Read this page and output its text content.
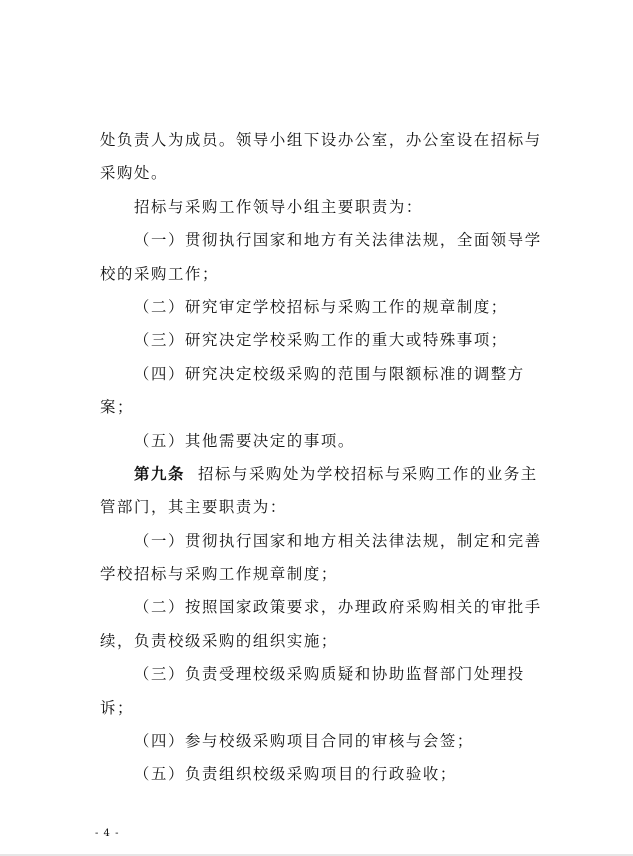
处负责人为成员。领导小组下设办公室，办公室设在招标与
采购处。
招标与采购工作领导小组主要职责为：
（一）贯彻执行国家和地方有关法律法规，全面领导学
校的采购工作；
（二）研究审定学校招标与采购工作的规章制度；
（三）研究决定学校采购工作的重大或特殊事项；
（四）研究决定校级采购的范围与限额标准的调整方
案；
（五）其他需要决定的事项。
第九条 招标与采购处为学校招标与采购工作的业务主
管部门，其主要职责为：
（一）贯彻执行国家和地方相关法律法规，制定和完善
学校招标与采购工作规章制度；
（二）按照国家政策要求，办理政府采购相关的审批手
续，负责校级采购的组织实施；
（三）负责受理校级采购质疑和协助监督部门处理投
诉；
（四）参与校级采购项目合同的审核与会签；
（五）负责组织校级采购项目的行政验收；
- 4 -
